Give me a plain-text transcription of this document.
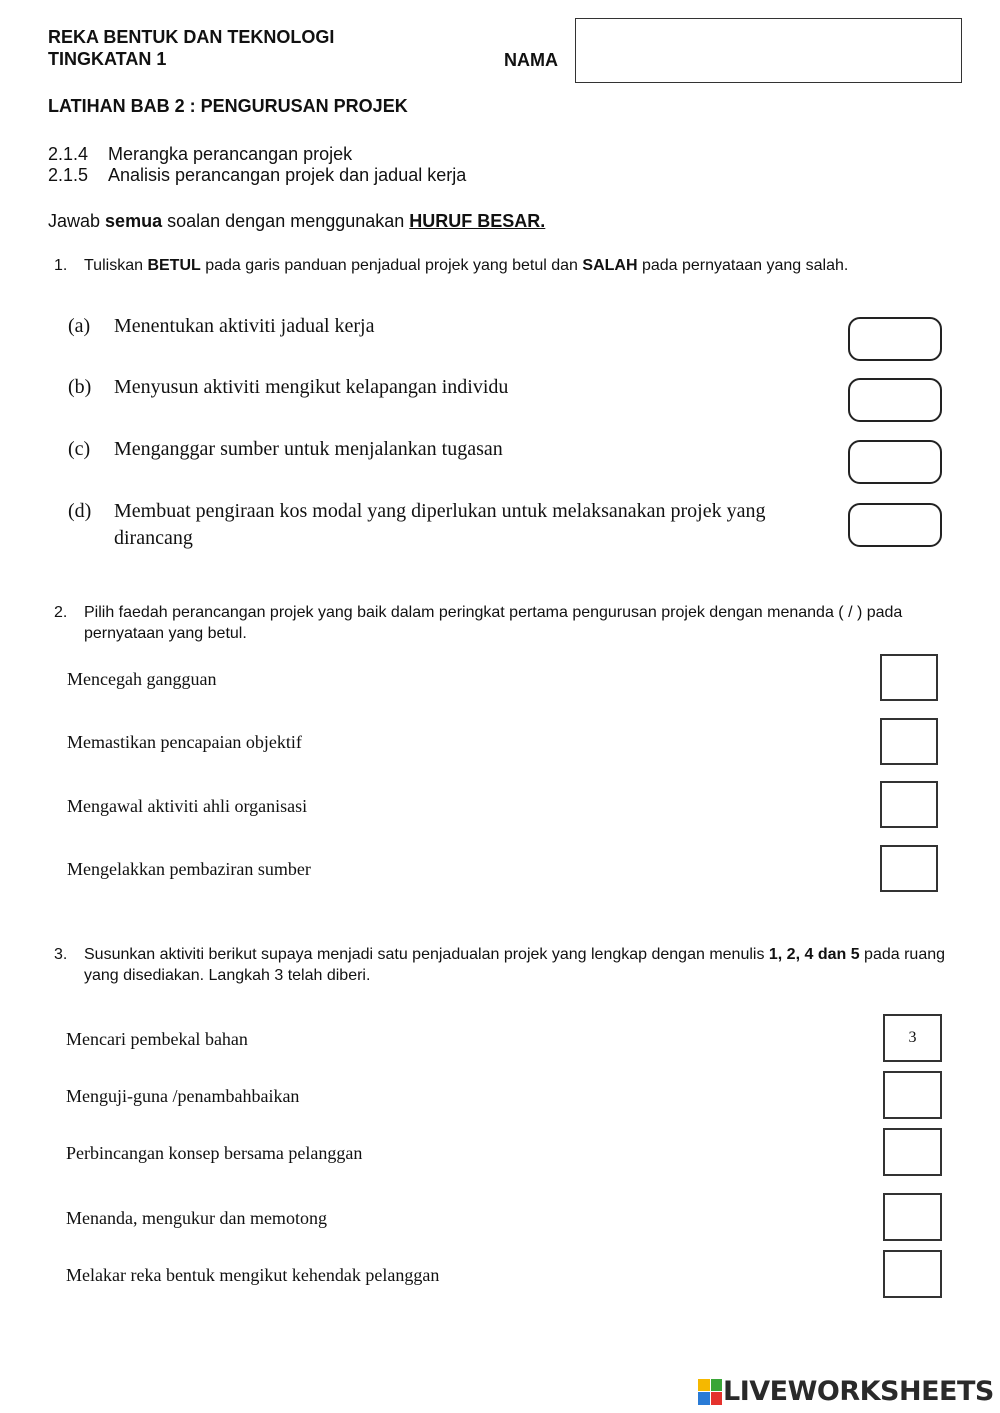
REKA BENTUK DAN TEKNOLOGI
TINGKATAN 1	NAMA
LATIHAN BAB 2 : PENGURUSAN PROJEK
2.1.4 Merangka perancangan projek
2.1.5 Analisis perancangan projek dan jadual kerja
Jawab semua soalan dengan menggunakan HURUF BESAR.
1. Tuliskan BETUL pada garis panduan penjadual projek yang betul dan SALAH pada pernyataan yang salah.
(a) Menentukan aktiviti jadual kerja
(b) Menyusun aktiviti mengikut kelapangan individu
(c) Menganggar sumber untuk menjalankan tugasan
(d) Membuat pengiraan kos modal yang diperlukan untuk melaksanakan projek yang dirancang
2. Pilih faedah perancangan projek yang baik dalam peringkat pertama pengurusan projek dengan menanda ( / ) pada pernyataan yang betul.
Mencegah gangguan
Memastikan pencapaian objektif
Mengawal aktiviti ahli organisasi
Mengelakkan pembaziran sumber
3. Susunkan aktiviti berikut supaya menjadi satu penjadualan projek yang lengkap dengan menulis 1, 2, 4 dan 5 pada ruang yang disediakan. Langkah 3 telah diberi.
Mencari pembekal bahan	3
Menguji-guna /penambahbaikan
Perbincangan konsep bersama pelanggan
Menanda, mengukur dan memotong
Melakar reka bentuk mengikut kehendak pelanggan
LIVEWORKSHEETS
